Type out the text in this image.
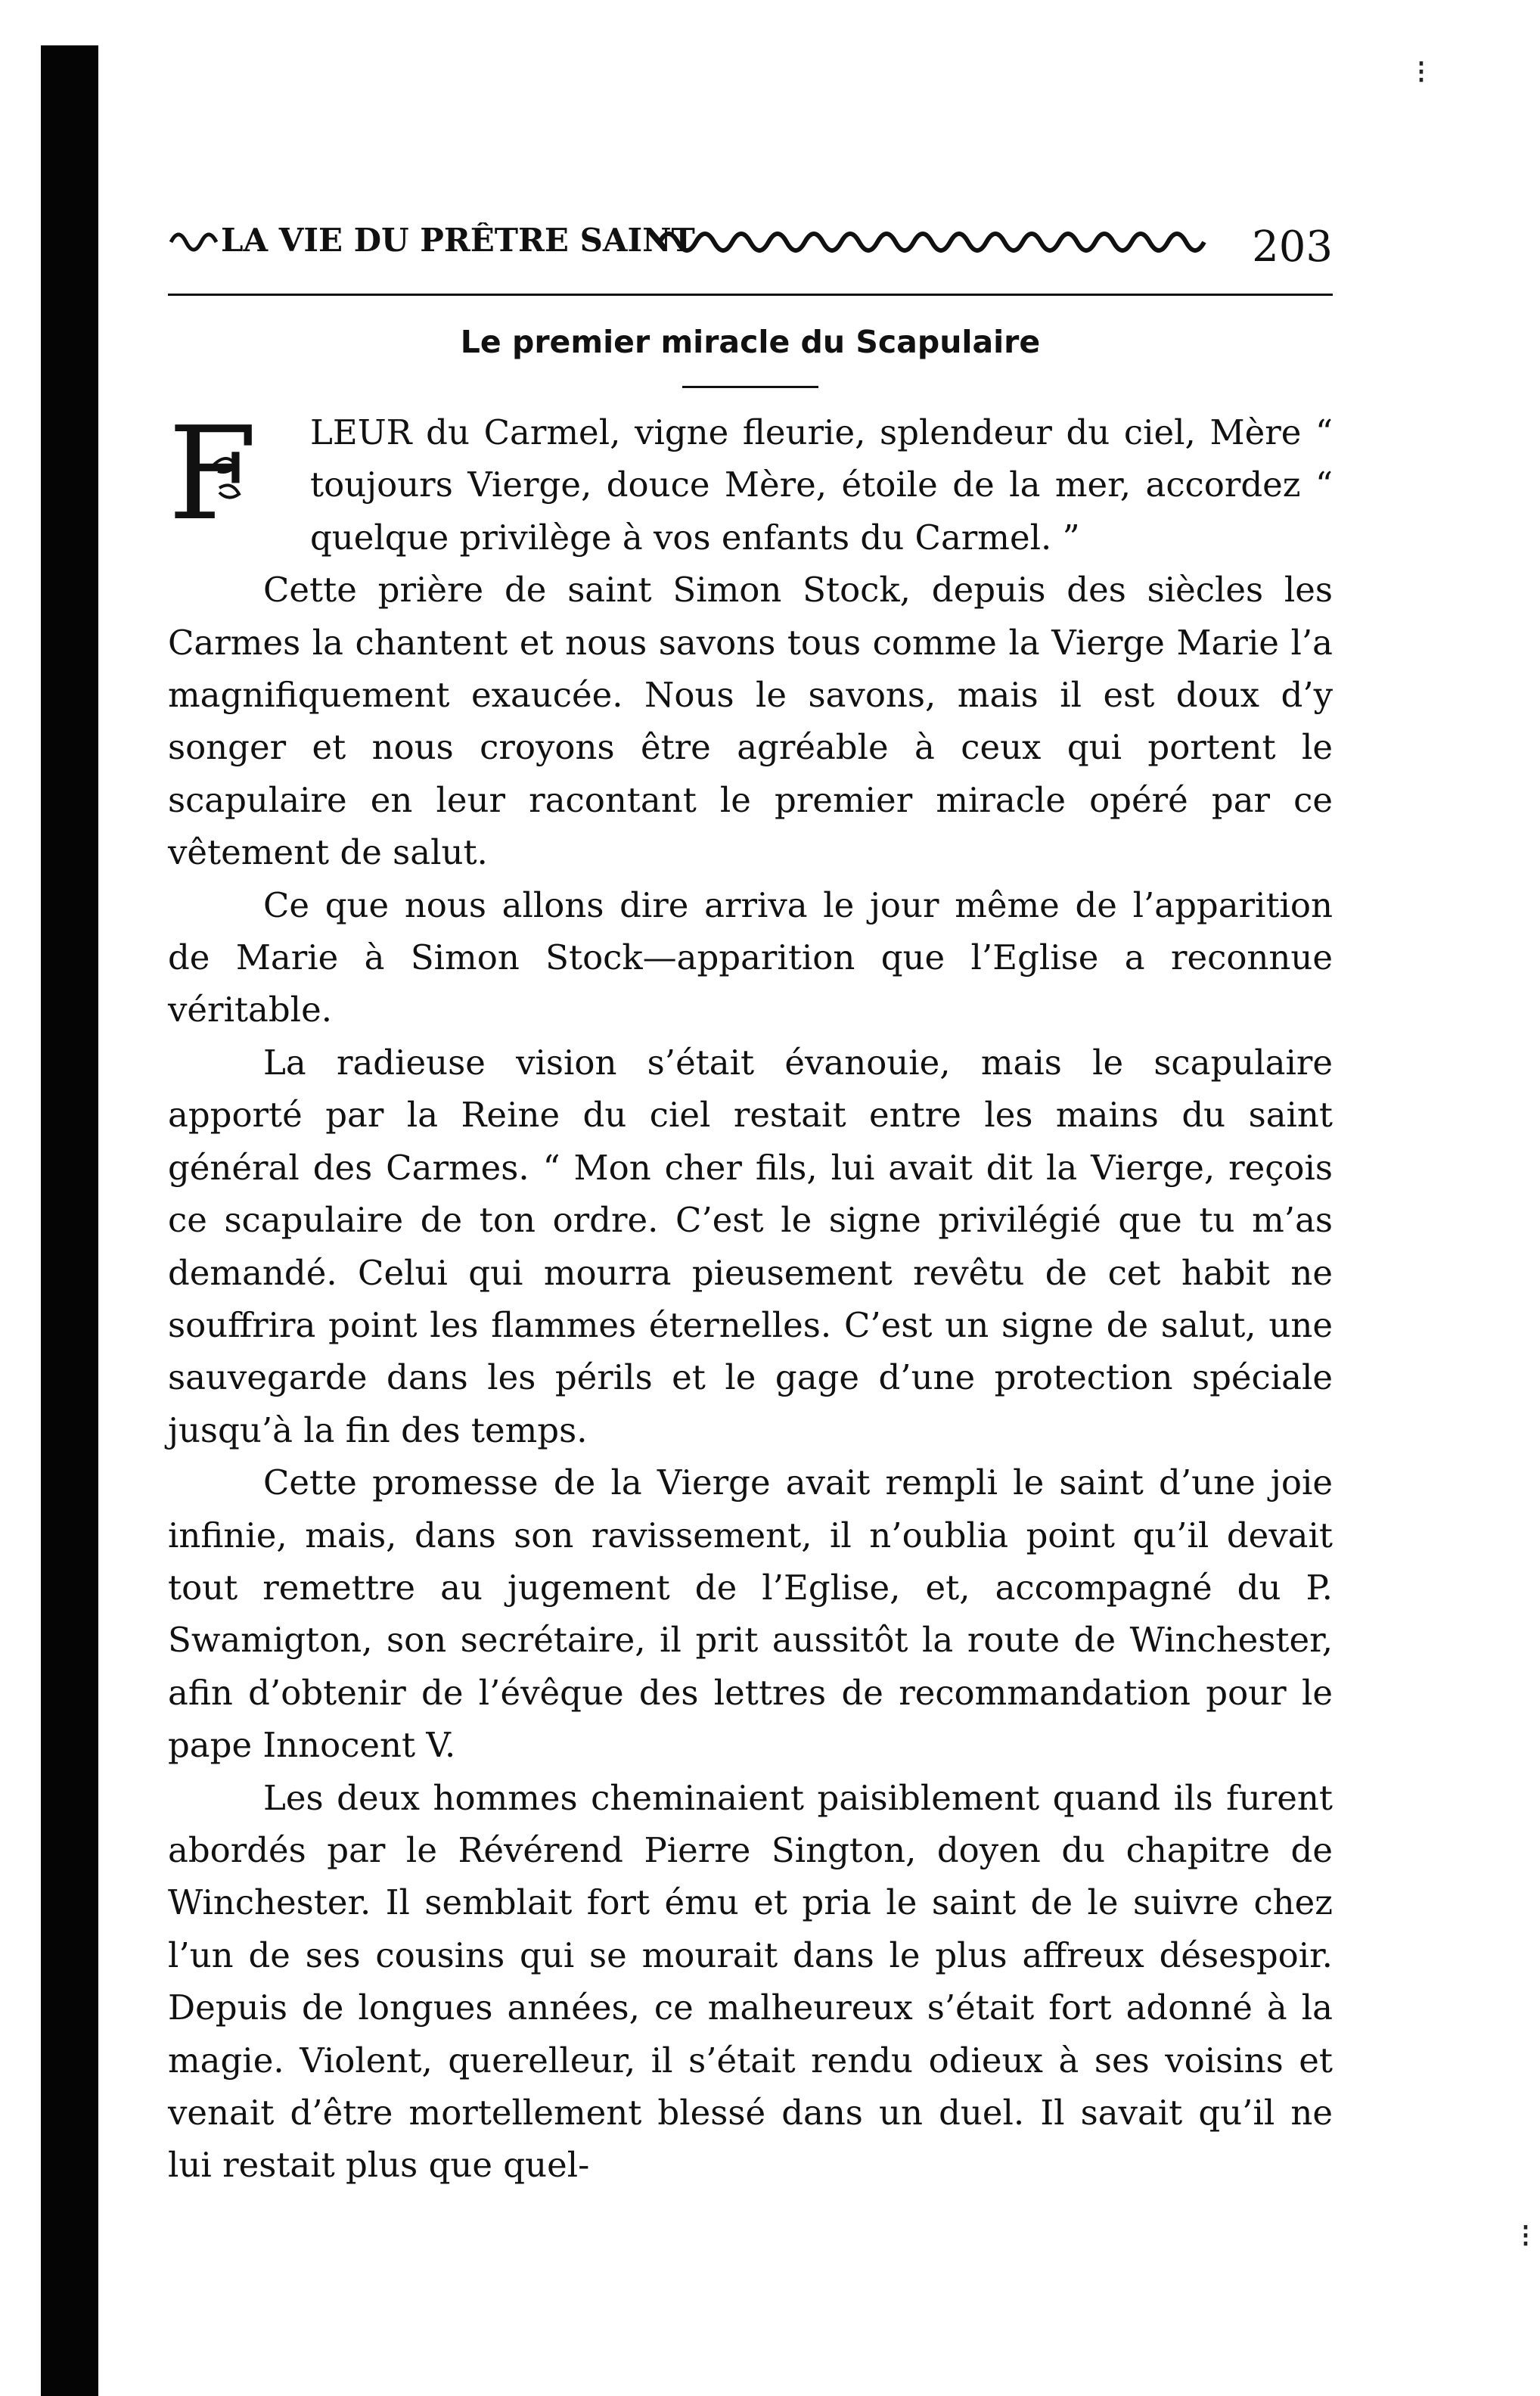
⁝
⁝
LA VIE DU PRÊTRE SAINT	203
Le premier miracle du Scapulaire

F LEUR du Carmel, vigne fleurie, splendeur du ciel, Mère “ toujours Vierge, douce Mère, étoile de la mer, accordez “ quelque privilège à vos enfants du Carmel. ”

Cette prière de saint Simon Stock, depuis des siècles les Carmes la chantent et nous savons tous comme la Vierge Marie l’a magnifiquement exaucée. Nous le savons, mais il est doux d’y songer et nous croyons être agréable à ceux qui portent le scapulaire en leur racontant le premier miracle opéré par ce vêtement de salut.

Ce que nous allons dire arriva le jour même de l’apparition de Marie à Simon Stock—apparition que l’Eglise a reconnue véritable.

La radieuse vision s’était évanouie, mais le scapulaire apporté par la Reine du ciel restait entre les mains du saint général des Carmes. “ Mon cher fils, lui avait dit la Vierge, reçois ce scapulaire de ton ordre. C’est le signe privilégié que tu m’as demandé. Celui qui mourra pieusement revêtu de cet habit ne souffrira point les flammes éternelles. C’est un signe de salut, une sauvegarde dans les périls et le gage d’une protection spéciale jusqu’à la fin des temps.

Cette promesse de la Vierge avait rempli le saint d’une joie infinie, mais, dans son ravissement, il n’oublia point qu’il devait tout remettre au jugement de l’Eglise, et, accompagné du P. Swamigton, son secrétaire, il prit aussitôt la route de Winchester, afin d’obtenir de l’évêque des lettres de recommandation pour le pape Innocent V.

Les deux hommes cheminaient paisiblement quand ils furent abordés par le Révérend Pierre Sington, doyen du chapitre de Winchester. Il semblait fort ému et pria le saint de le suivre chez l’un de ses cousins qui se mourait dans le plus affreux désespoir. Depuis de longues années, ce malheureux s’était fort adonné à la magie. Violent, querelleur, il s’était rendu odieux à ses voisins et venait d’être mortellement blessé dans un duel. Il savait qu’il ne lui restait plus que quel-
